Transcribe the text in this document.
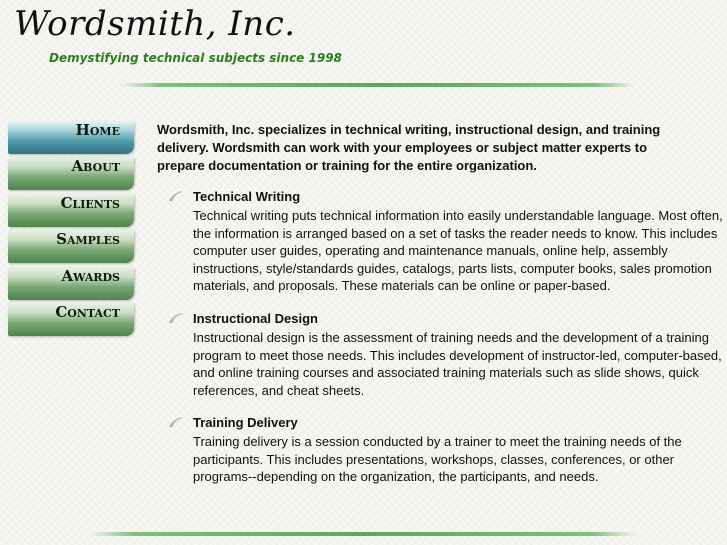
Wordsmith, Inc.
Demystifying technical subjects since 1998
Home
About
Clients
Samples
Awards
Contact
Wordsmith, Inc. specializes in technical writing, instructional design, and training delivery. Wordsmith can work with your employees or subject matter experts to prepare documentation or training for the entire organization.
Technical Writing
Technical writing puts technical information into easily understandable language. Most often, the information is arranged based on a set of tasks the reader needs to know. This includes computer user guides, operating and maintenance manuals, online help, assembly instructions, style/standards guides, catalogs, parts lists, computer books, sales promotion materials, and proposals. These materials can be online or paper-based.
Instructional Design
Instructional design is the assessment of training needs and the development of a training program to meet those needs. This includes development of instructor-led, computer-based, and online training courses and associated training materials such as slide shows, quick references, and cheat sheets.
Training Delivery
Training delivery is a session conducted by a trainer to meet the training needs of the participants. This includes presentations, workshops, classes, conferences, or other programs--depending on the organization, the participants, and needs.
